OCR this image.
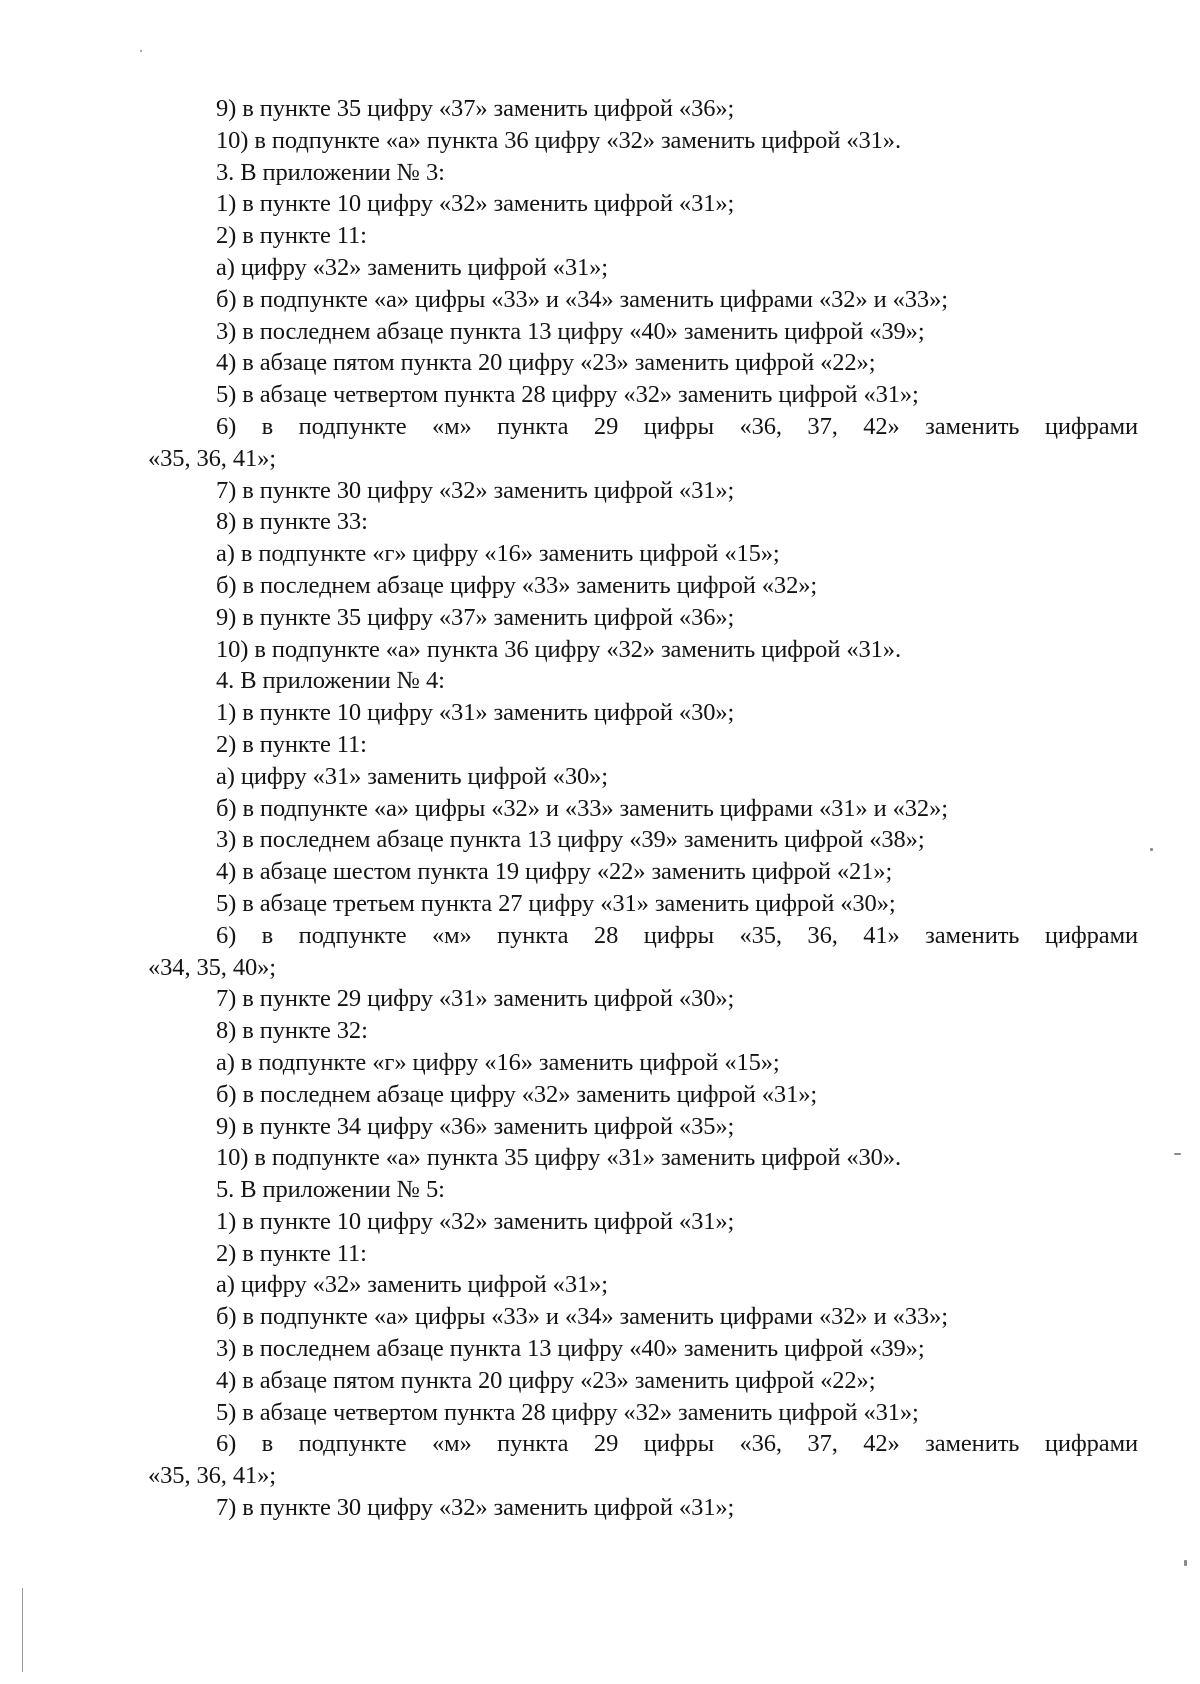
9) в пункте 35 цифру «37» заменить цифрой «36»;
10) в подпункте «а» пункта 36 цифру «32» заменить цифрой «31».
3. В приложении № 3:
1) в пункте 10 цифру «32» заменить цифрой «31»;
2) в пункте 11:
а) цифру «32» заменить цифрой «31»;
б) в подпункте «а» цифры «33» и «34» заменить цифрами «32» и «33»;
3) в последнем абзаце пункта 13 цифру «40» заменить цифрой «39»;
4) в абзаце пятом пункта 20 цифру «23» заменить цифрой «22»;
5) в абзаце четвертом пункта 28 цифру «32» заменить цифрой «31»;
6) в подпункте «м» пункта 29 цифры «36, 37, 42» заменить цифрами
«35, 36, 41»;
7) в пункте 30 цифру «32» заменить цифрой «31»;
8) в пункте 33:
а) в подпункте «г» цифру «16» заменить цифрой «15»;
б) в последнем абзаце цифру «33» заменить цифрой «32»;
9) в пункте 35 цифру «37» заменить цифрой «36»;
10) в подпункте «а» пункта 36 цифру «32» заменить цифрой «31».
4. В приложении № 4:
1) в пункте 10 цифру «31» заменить цифрой «30»;
2) в пункте 11:
а) цифру «31» заменить цифрой «30»;
б) в подпункте «а» цифры «32» и «33» заменить цифрами «31» и «32»;
3) в последнем абзаце пункта 13 цифру «39» заменить цифрой «38»;
4) в абзаце шестом пункта 19 цифру «22» заменить цифрой «21»;
5) в абзаце третьем пункта 27 цифру «31» заменить цифрой «30»;
6) в подпункте «м» пункта 28 цифры «35, 36, 41» заменить цифрами
«34, 35, 40»;
7) в пункте 29 цифру «31» заменить цифрой «30»;
8) в пункте 32:
а) в подпункте «г» цифру «16» заменить цифрой «15»;
б) в последнем абзаце цифру «32» заменить цифрой «31»;
9) в пункте 34 цифру «36» заменить цифрой «35»;
10) в подпункте «а» пункта 35 цифру «31» заменить цифрой «30».
5. В приложении № 5:
1) в пункте 10 цифру «32» заменить цифрой «31»;
2) в пункте 11:
а) цифру «32» заменить цифрой «31»;
б) в подпункте «а» цифры «33» и «34» заменить цифрами «32» и «33»;
3) в последнем абзаце пункта 13 цифру «40» заменить цифрой «39»;
4) в абзаце пятом пункта 20 цифру «23» заменить цифрой «22»;
5) в абзаце четвертом пункта 28 цифру «32» заменить цифрой «31»;
6) в подпункте «м» пункта 29 цифры «36, 37, 42» заменить цифрами
«35, 36, 41»;
7) в пункте 30 цифру «32» заменить цифрой «31»;
